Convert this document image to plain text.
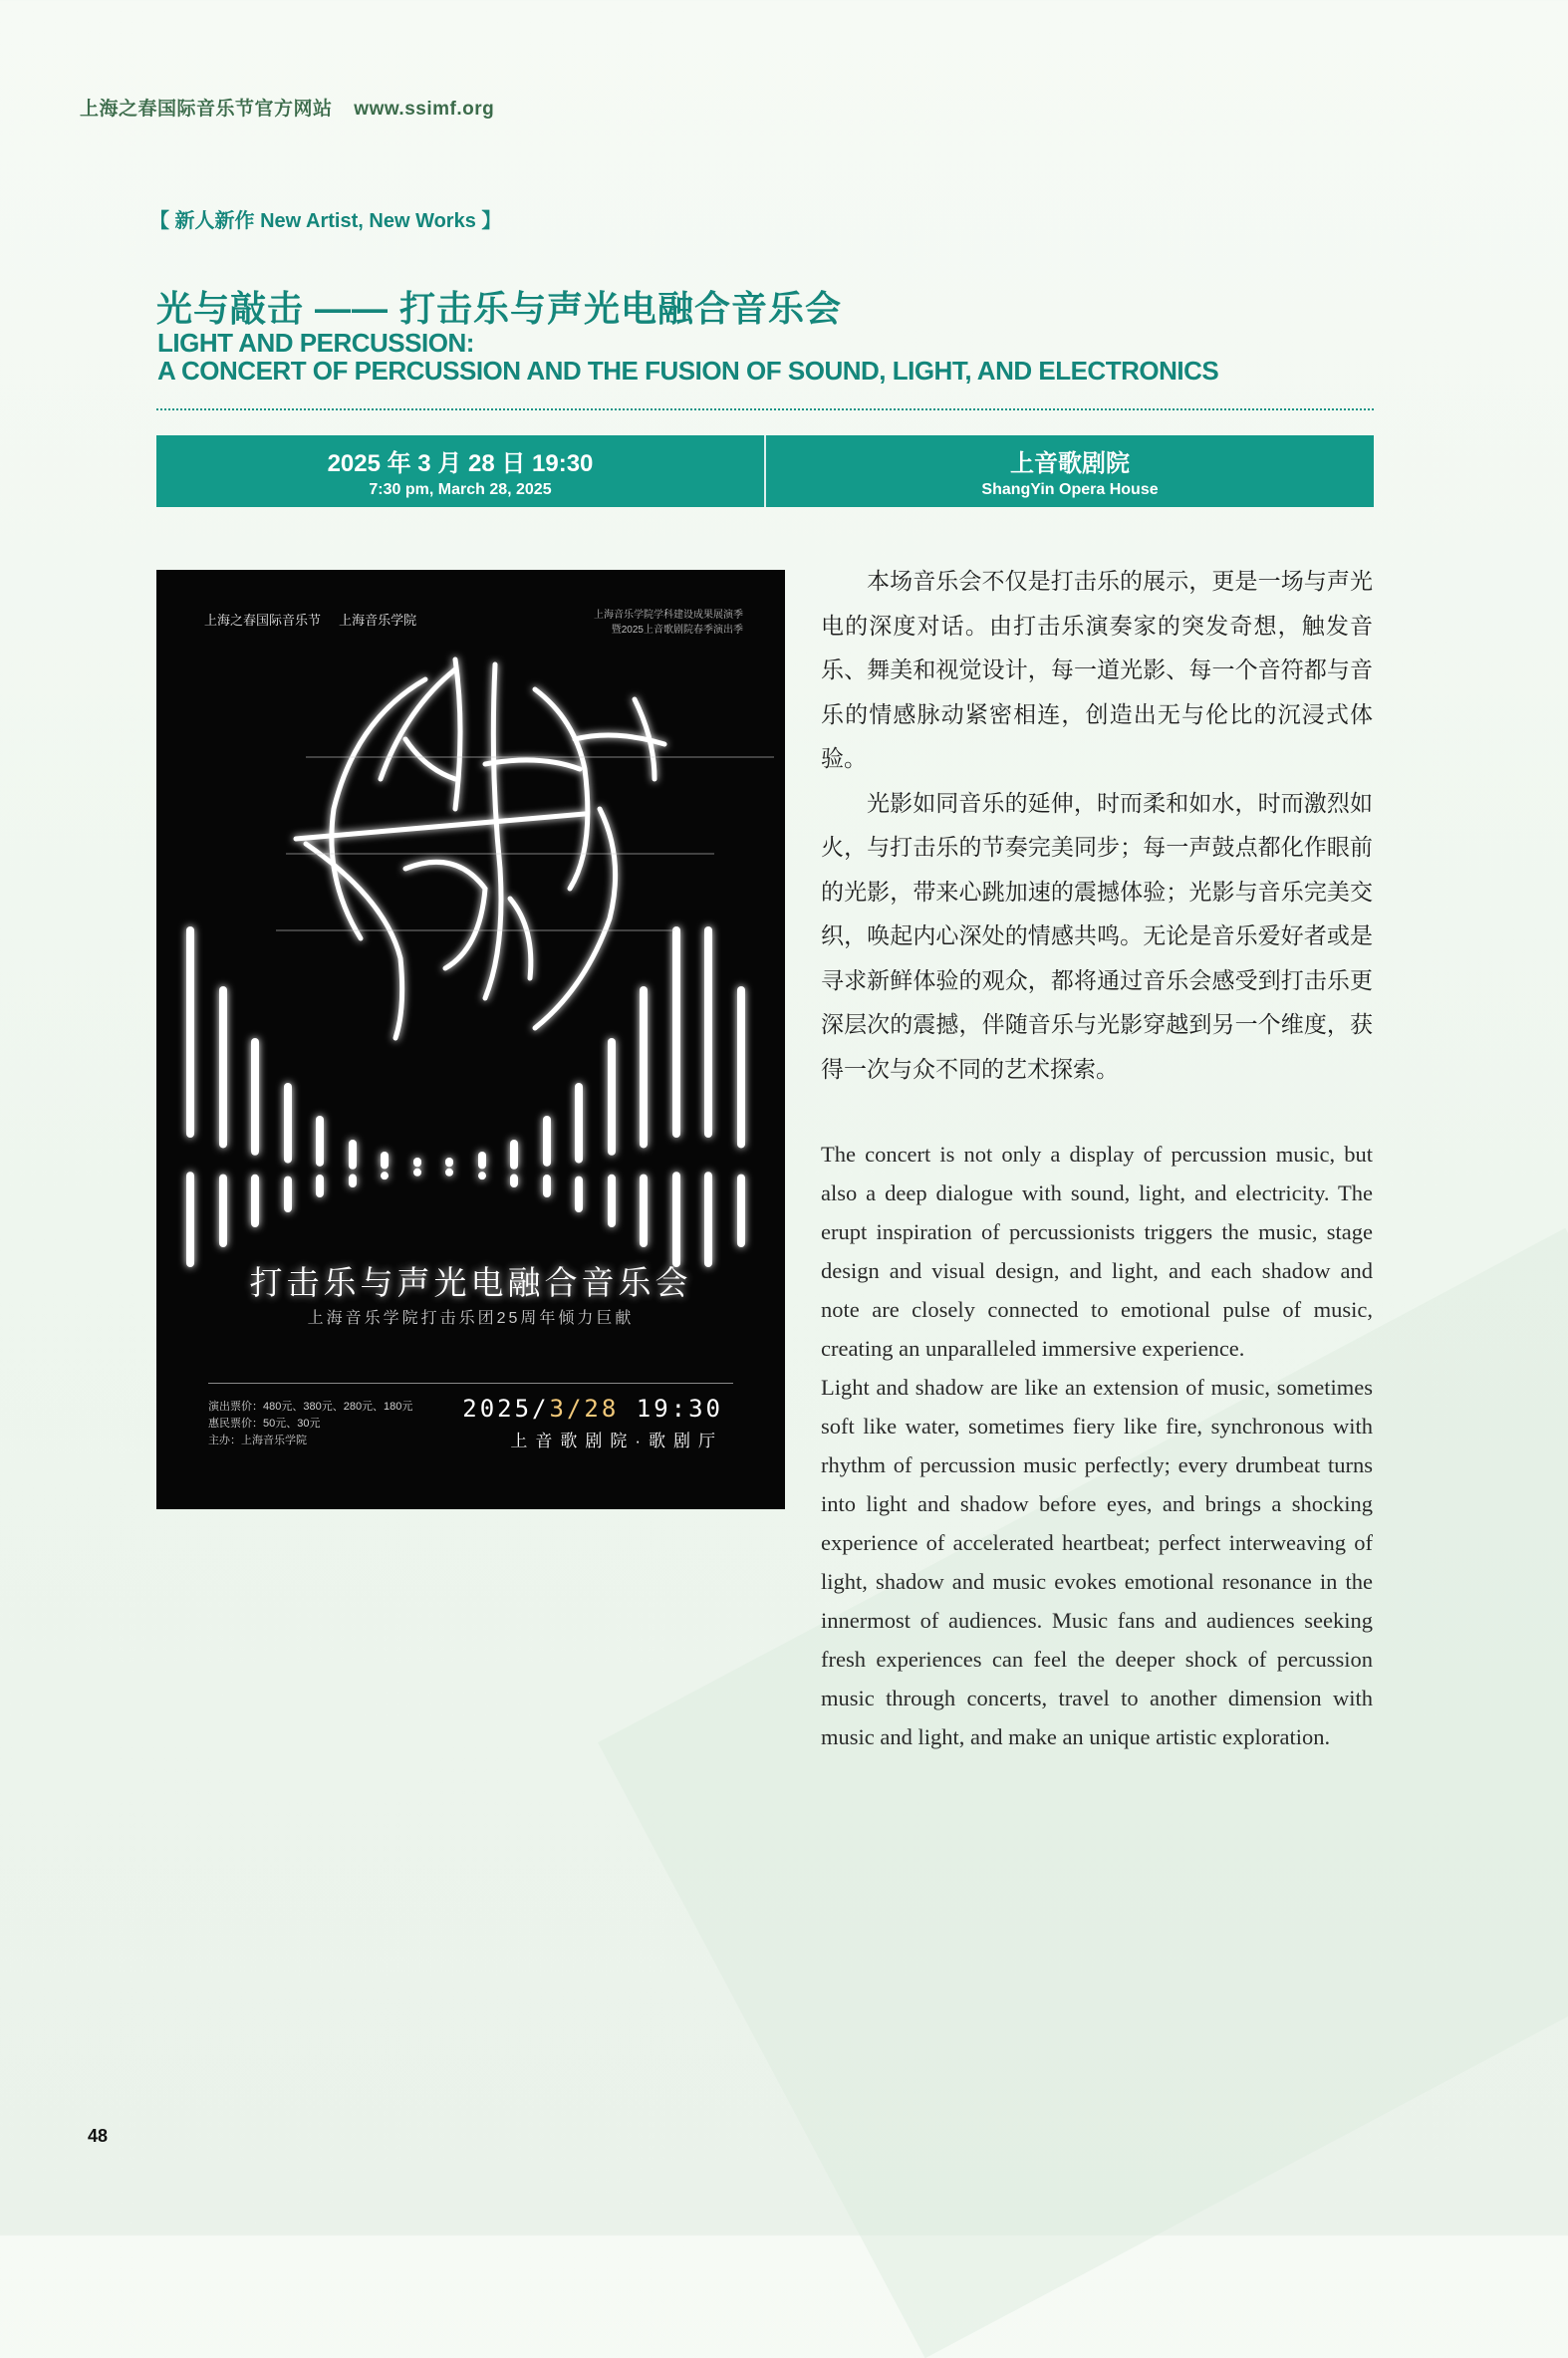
上海之春国际音乐节官方网站 www.ssimf.org
【 新人新作 New Artist, New Works 】
光与敲击 —— 打击乐与声光电融合音乐会
LIGHT AND PERCUSSION:
A CONCERT OF PERCUSSION AND THE FUSION OF SOUND, LIGHT, AND ELECTRONICS
2025 年 3 月 28 日 19:30
7:30 pm, March 28, 2025
上音歌剧院
ShangYin Opera House
上海之春国际音乐节 上海音乐学院	上海音乐学院学科建设成果展演季
暨2025上音歌剧院春季演出季
打击乐与声光电融合音乐会
上海音乐学院打击乐团25周年倾力巨献
演出票价：480元、380元、280元、180元
惠民票价：50元、30元
主办：上海音乐学院
2025/3/28 19:30
上音歌剧院·歌剧厅

本场音乐会不仅是打击乐的展示，更是一场与声光电的深度对话。由打击乐演奏家的突发奇想，触发音乐、舞美和视觉设计，每一道光影、每一个音符都与音乐的情感脉动紧密相连，创造出无与伦比的沉浸式体验。

光影如同音乐的延伸，时而柔和如水，时而激烈如火，与打击乐的节奏完美同步；每一声鼓点都化作眼前的光影，带来心跳加速的震撼体验；光影与音乐完美交织，唤起内心深处的情感共鸣。无论是音乐爱好者或是寻求新鲜体验的观众，都将通过音乐会感受到打击乐更深层次的震撼，伴随音乐与光影穿越到另一个维度，获得一次与众不同的艺术探索。

The concert is not only a display of percussion music, but also a deep dialogue with sound, light, and electricity. The erupt inspiration of percussionists triggers the music, stage design and visual design, and light, and each shadow and note are closely connected to emotional pulse of music, creating an unparalleled immersive experience.

Light and shadow are like an extension of music, sometimes soft like water, sometimes fiery like fire, synchronous with rhythm of percussion music perfectly; every drumbeat turns into light and shadow before eyes, and brings a shocking experience of accelerated heartbeat; perfect interweaving of light, shadow and music evokes emotional resonance in the innermost of audiences. Music fans and audiences seeking fresh experiences can feel the deeper shock of percussion music through concerts, travel to another dimension with music and light, and make an unique artistic exploration.

48
